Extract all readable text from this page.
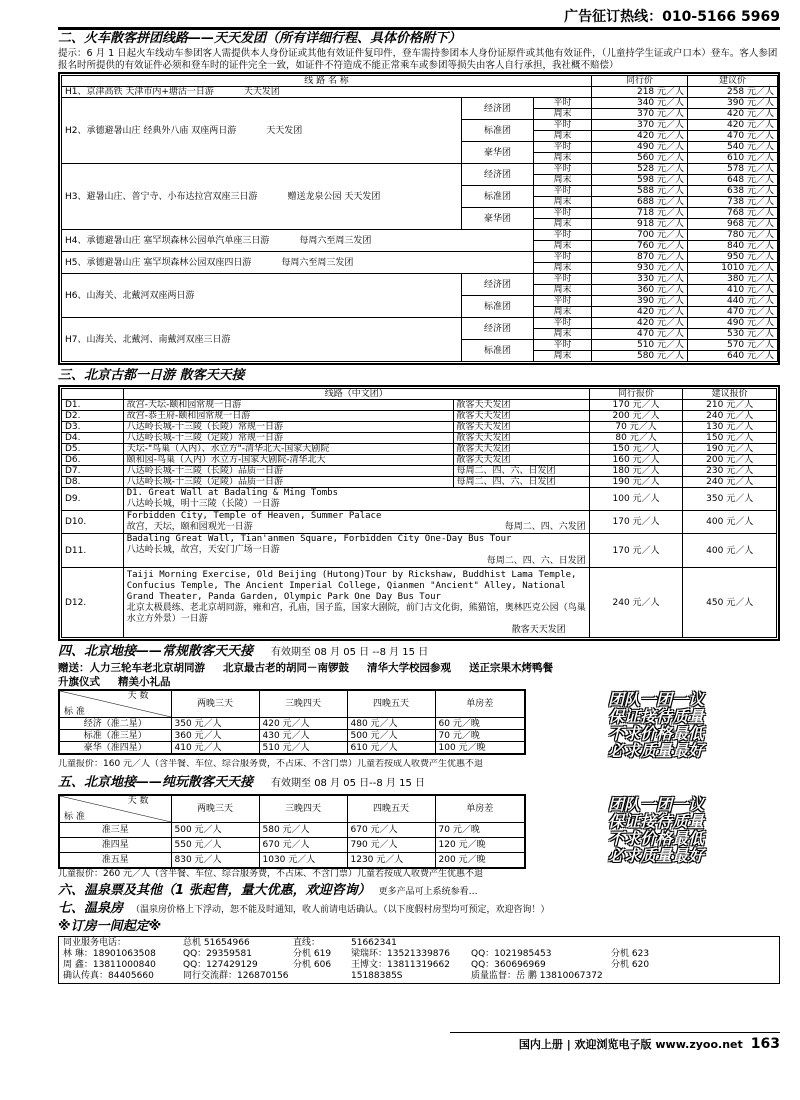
广告征订热线：010-5166 5969
二、火车散客拼团线路——天天发团（所有详细行程、具体价格附下）
提示：6 月 1 日起火车线动车参团客人需提供本人身份证或其他有效证件复印件，登车需持参团本人身份证原件或其他有效证件，（儿童持学生证或户口本）登车。客人参团报名时所提供的有效证件必须和登车时的证件完全一致，如证件不符造成不能正常乘车或参团等损失由客人自行承担，我社概不赔偿）
线 路 名 称			同行价	建议价
H1、京津高铁 天津市内+塘沽一日游 天天发团			218 元／人	258 元／人
H2、承德避暑山庄 经典外八庙 双座两日游 天天发团	经济团	平时	340 元／人	390 元／人
		周末	370 元／人	420 元／人
	标准团	平时	370 元／人	420 元／人
		周末	420 元／人	470 元／人
	豪华团	平时	490 元／人	540 元／人
		周末	560 元／人	610 元／人
H3、避暑山庄、普宁寺、小布达拉宫双座三日游 赠送龙泉公园 天天发团	经济团	平时	528 元／人	578 元／人
		周末	598 元／人	648 元／人
	标准团	平时	588 元／人	638 元／人
		周末	688 元／人	738 元／人
	豪华团	平时	718 元／人	768 元／人
		周末	918 元／人	968 元／人
H4、承德避暑山庄 塞罕坝森林公园单汽单座三日游 每周六至周三发团		平时	700 元／人	780 元／人
		周末	760 元／人	840 元／人
H5、承德避暑山庄 塞罕坝森林公园双座四日游 每周六至周三发团		平时	870 元／人	950 元／人
		周末	930 元／人	1010 元／人
H6、山海关、北戴河双座两日游	经济团	平时	330 元／人	380 元／人
		周末	360 元／人	410 元／人
	标准团	平时	390 元／人	440 元／人
		周末	420 元／人	470 元／人
H7、山海关、北戴河、南戴河双座三日游	经济团	平时	420 元／人	490 元／人
		周末	470 元／人	530 元／人
	标准团	平时	510 元／人	570 元／人
		周末	580 元／人	640 元／人
三、北京古都一日游 散客天天接
	线路（中文团）		同行报价	建议报价
D1.	故宫-天坛-颐和园常规一日游	散客天天发团	170 元／人	210 元／人
D2.	故宫-恭王府-颐和园常规一日游	散客天天发团	200 元／人	240 元／人
D3.	八达岭长城-十三陵（长陵）常规一日游	散客天天发团	70 元／人	130 元／人
D4.	八达岭长城-十三陵（定陵）常规一日游	散客天天发团	80 元／人	150 元／人
D5.	天坛-"鸟巢（入内）、水立方"-清华北大-国家大剧院	散客天天发团	150 元／人	190 元／人
D6.	颐和园-鸟巢（入内）水立方-国家大剧院-清华北大	散客天天发团	160 元／人	200 元／人
D7.	八达岭长城-十三陵（长陵）品质一日游	每周二、四、六、日发团	180 元／人	230 元／人
D8.	八达岭长城-十三陵（定陵）品质一日游	每周二、四、六、日发团	190 元／人	240 元／人
D9.	D1. Great Wall at Badaling & Ming Tombs
八达岭长城，明十三陵（长陵）一日游		100 元／人	350 元／人
D10.	Forbidden City, Temple of Heaven, Summer Palace
故宫，天坛，颐和园观光一日游 每周二、四、六发团		170 元／人	400 元／人
D11.	Badaling Great Wall, Tian'anmen Square, Forbidden City One-Day Bus Tour
八达岭长城，故宫，天安门广场一日游
每周二、四、六、日发团		170 元／人	400 元／人
D12.	Taiji Morning Exercise, Old Beijing (Hutong)Tour by Rickshaw, Buddhist Lama Temple, Confucius Temple, The Ancient Imperial College, Qianmen "Ancient" Alley, National Grand Theater, Panda Garden, Olympic Park One Day Bus Tour
北京太极晨练、老北京胡同游，雍和宫，孔庙，国子监，国家大剧院，前门古文化街，熊猫馆，奥林匹克公园（鸟巢水立方外景）一日游
散客天天发团		240 元／人	450 元／人
四、北京地接——常规散客天天接 有效期至 08 月 05 日 --8 月 15 日
赠送：人力三轮车老北京胡同游 北京最古老的胡同－南锣鼓 清华大学校园参观 送正宗果木烤鸭餐
升旗仪式 精美小礼品
天 数
标 准	两晚三天	三晚四天	四晚五天	单房差
经济（准二星）	350 元／人	420 元／人	480 元／人	60 元／晚
标准（准三星）	360 元／人	430 元／人	500 元／人	70 元／晚
豪华（准四星）	410 元／人	510 元／人	610 元／人	100 元／晚
团队一团一议
保证接待质量
不求价格最低
必求质量最好
儿童报价：160 元／人（含半餐、车位、综合服务费，不占床、不含门票）儿童若按成人收费产生优惠不退
五、北京地接——纯玩散客天天接 有效期至 08 月 05 日--8 月 15 日
天 数
标 准	两晚三天	三晚四天	四晚五天	单房差
准三星	500 元／人	580 元／人	670 元／人	70 元／晚
准四星	550 元／人	670 元／人	790 元／人	120 元／晚
准五星	830 元／人	1030 元／人	1230 元／人	200 元／晚
团队一团一议
保证接待质量
不求价格最低
必求质量最好
儿童报价：260 元／人（含半餐、车位、综合服务费，不占床、不含门票）儿童若按成人收费产生优惠不退
六、温泉票及其他（1 张起售，量大优惠，欢迎咨询） 更多产品可上系统参看…
七、温泉房 （温泉房价格上下浮动，恕不能及时通知，收人前请电话确认。（以下度假村房型均可预定，欢迎咨询！）
※订房一间起定※
同业服务电话：	总机 51654966	直线：	51662341
林 琳：18901063508	QQ：29359581	分机 619	梁瑞环：13521339876	QQ：1021985453	分机 623
周 鑫：13811000840	QQ：127429129	分机 606	王博文：13811319662	QQ：360696969	分机 620
确认传真：84405660	同行交流群：126870156	15188385S	质量监督：岳 鹏 13810067372
国内上册 | 欢迎浏览电子版 www.zyoo.net 163
